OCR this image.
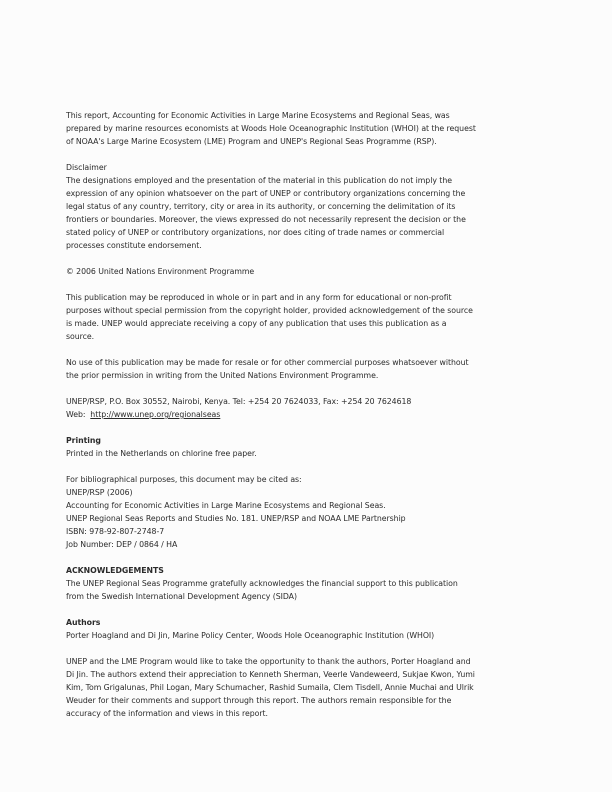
This report, Accounting for Economic Activities in Large Marine Ecosystems and Regional Seas, was prepared by marine resources economists at Woods Hole Oceanographic Institution (WHOI) at the request of NOAA's Large Marine Ecosystem (LME) Program and UNEP's Regional Seas Programme (RSP).

Disclaimer

The designations employed and the presentation of the material in this publication do not imply the expression of any opinion whatsoever on the part of UNEP or contributory organizations concerning the legal status of any country, territory, city or area in its authority, or concerning the delimitation of its frontiers or boundaries. Moreover, the views expressed do not necessarily represent the decision or the stated policy of UNEP or contributory organizations, nor does citing of trade names or commercial processes constitute endorsement.

© 2006 United Nations Environment Programme

This publication may be reproduced in whole or in part and in any form for educational or non-profit purposes without special permission from the copyright holder, provided acknowledgement of the source is made. UNEP would appreciate receiving a copy of any publication that uses this publication as a source.

No use of this publication may be made for resale or for other commercial purposes whatsoever without the prior permission in writing from the United Nations Environment Programme.

UNEP/RSP, P.O. Box 30552, Nairobi, Kenya. Tel: +254 20 7624033, Fax: +254 20 7624618

Web: http://www.unep.org/regionalseas

Printing

Printed in the Netherlands on chlorine free paper.

For bibliographical purposes, this document may be cited as:

UNEP/RSP (2006)

Accounting for Economic Activities in Large Marine Ecosystems and Regional Seas.

UNEP Regional Seas Reports and Studies No. 181. UNEP/RSP and NOAA LME Partnership

ISBN: 978-92-807-2748-7

Job Number: DEP / 0864 / HA

ACKNOWLEDGEMENTS

The UNEP Regional Seas Programme gratefully acknowledges the financial support to this publication from the Swedish International Development Agency (SIDA)

Authors

Porter Hoagland and Di Jin, Marine Policy Center, Woods Hole Oceanographic Institution (WHOI)

UNEP and the LME Program would like to take the opportunity to thank the authors, Porter Hoagland and Di Jin. The authors extend their appreciation to Kenneth Sherman, Veerle Vandeweerd, Sukjae Kwon, Yumi Kim, Tom Grigalunas, Phil Logan, Mary Schumacher, Rashid Sumaila, Clem Tisdell, Annie Muchai and Ulrik Weuder for their comments and support through this report. The authors remain responsible for the accuracy of the information and views in this report.
